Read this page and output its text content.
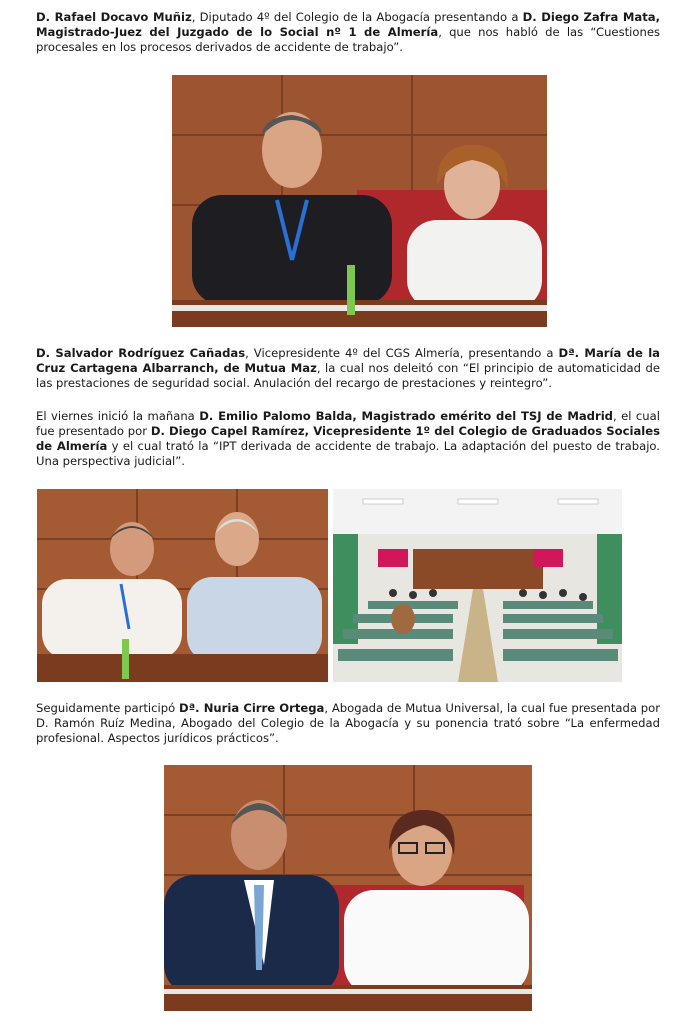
D. Rafael Docavo Muñiz, Diputado 4º del Colegio de la Abogacía presentando a D. Diego Zafra Mata, Magistrado-Juez del Juzgado de lo Social nº 1 de Almería, que nos habló de las “Cuestiones procesales en los procesos derivados de accidente de trabajo”.

D. Salvador Rodríguez Cañadas, Vicepresidente 4º del CGS Almería, presentando a Dª. María de la Cruz Cartagena Albarranch, de Mutua Maz, la cual nos deleitó con “El principio de automaticidad de las prestaciones de seguridad social. Anulación del recargo de prestaciones y reintegro”.

El viernes inició la mañana D. Emilio Palomo Balda, Magistrado emérito del TSJ de Madrid, el cual fue presentado por D. Diego Capel Ramírez, Vicepresidente 1º del Colegio de Graduados Sociales de Almería y el cual trató la “IPT derivada de accidente de trabajo. La adaptación del puesto de trabajo. Una perspectiva judicial”.

Seguidamente participó Dª. Nuria Cirre Ortega, Abogada de Mutua Universal, la cual fue presentada por D. Ramón Ruíz Medina, Abogado del Colegio de la Abogacía y su ponencia trató sobre “La enfermedad profesional. Aspectos jurídicos prácticos”.
